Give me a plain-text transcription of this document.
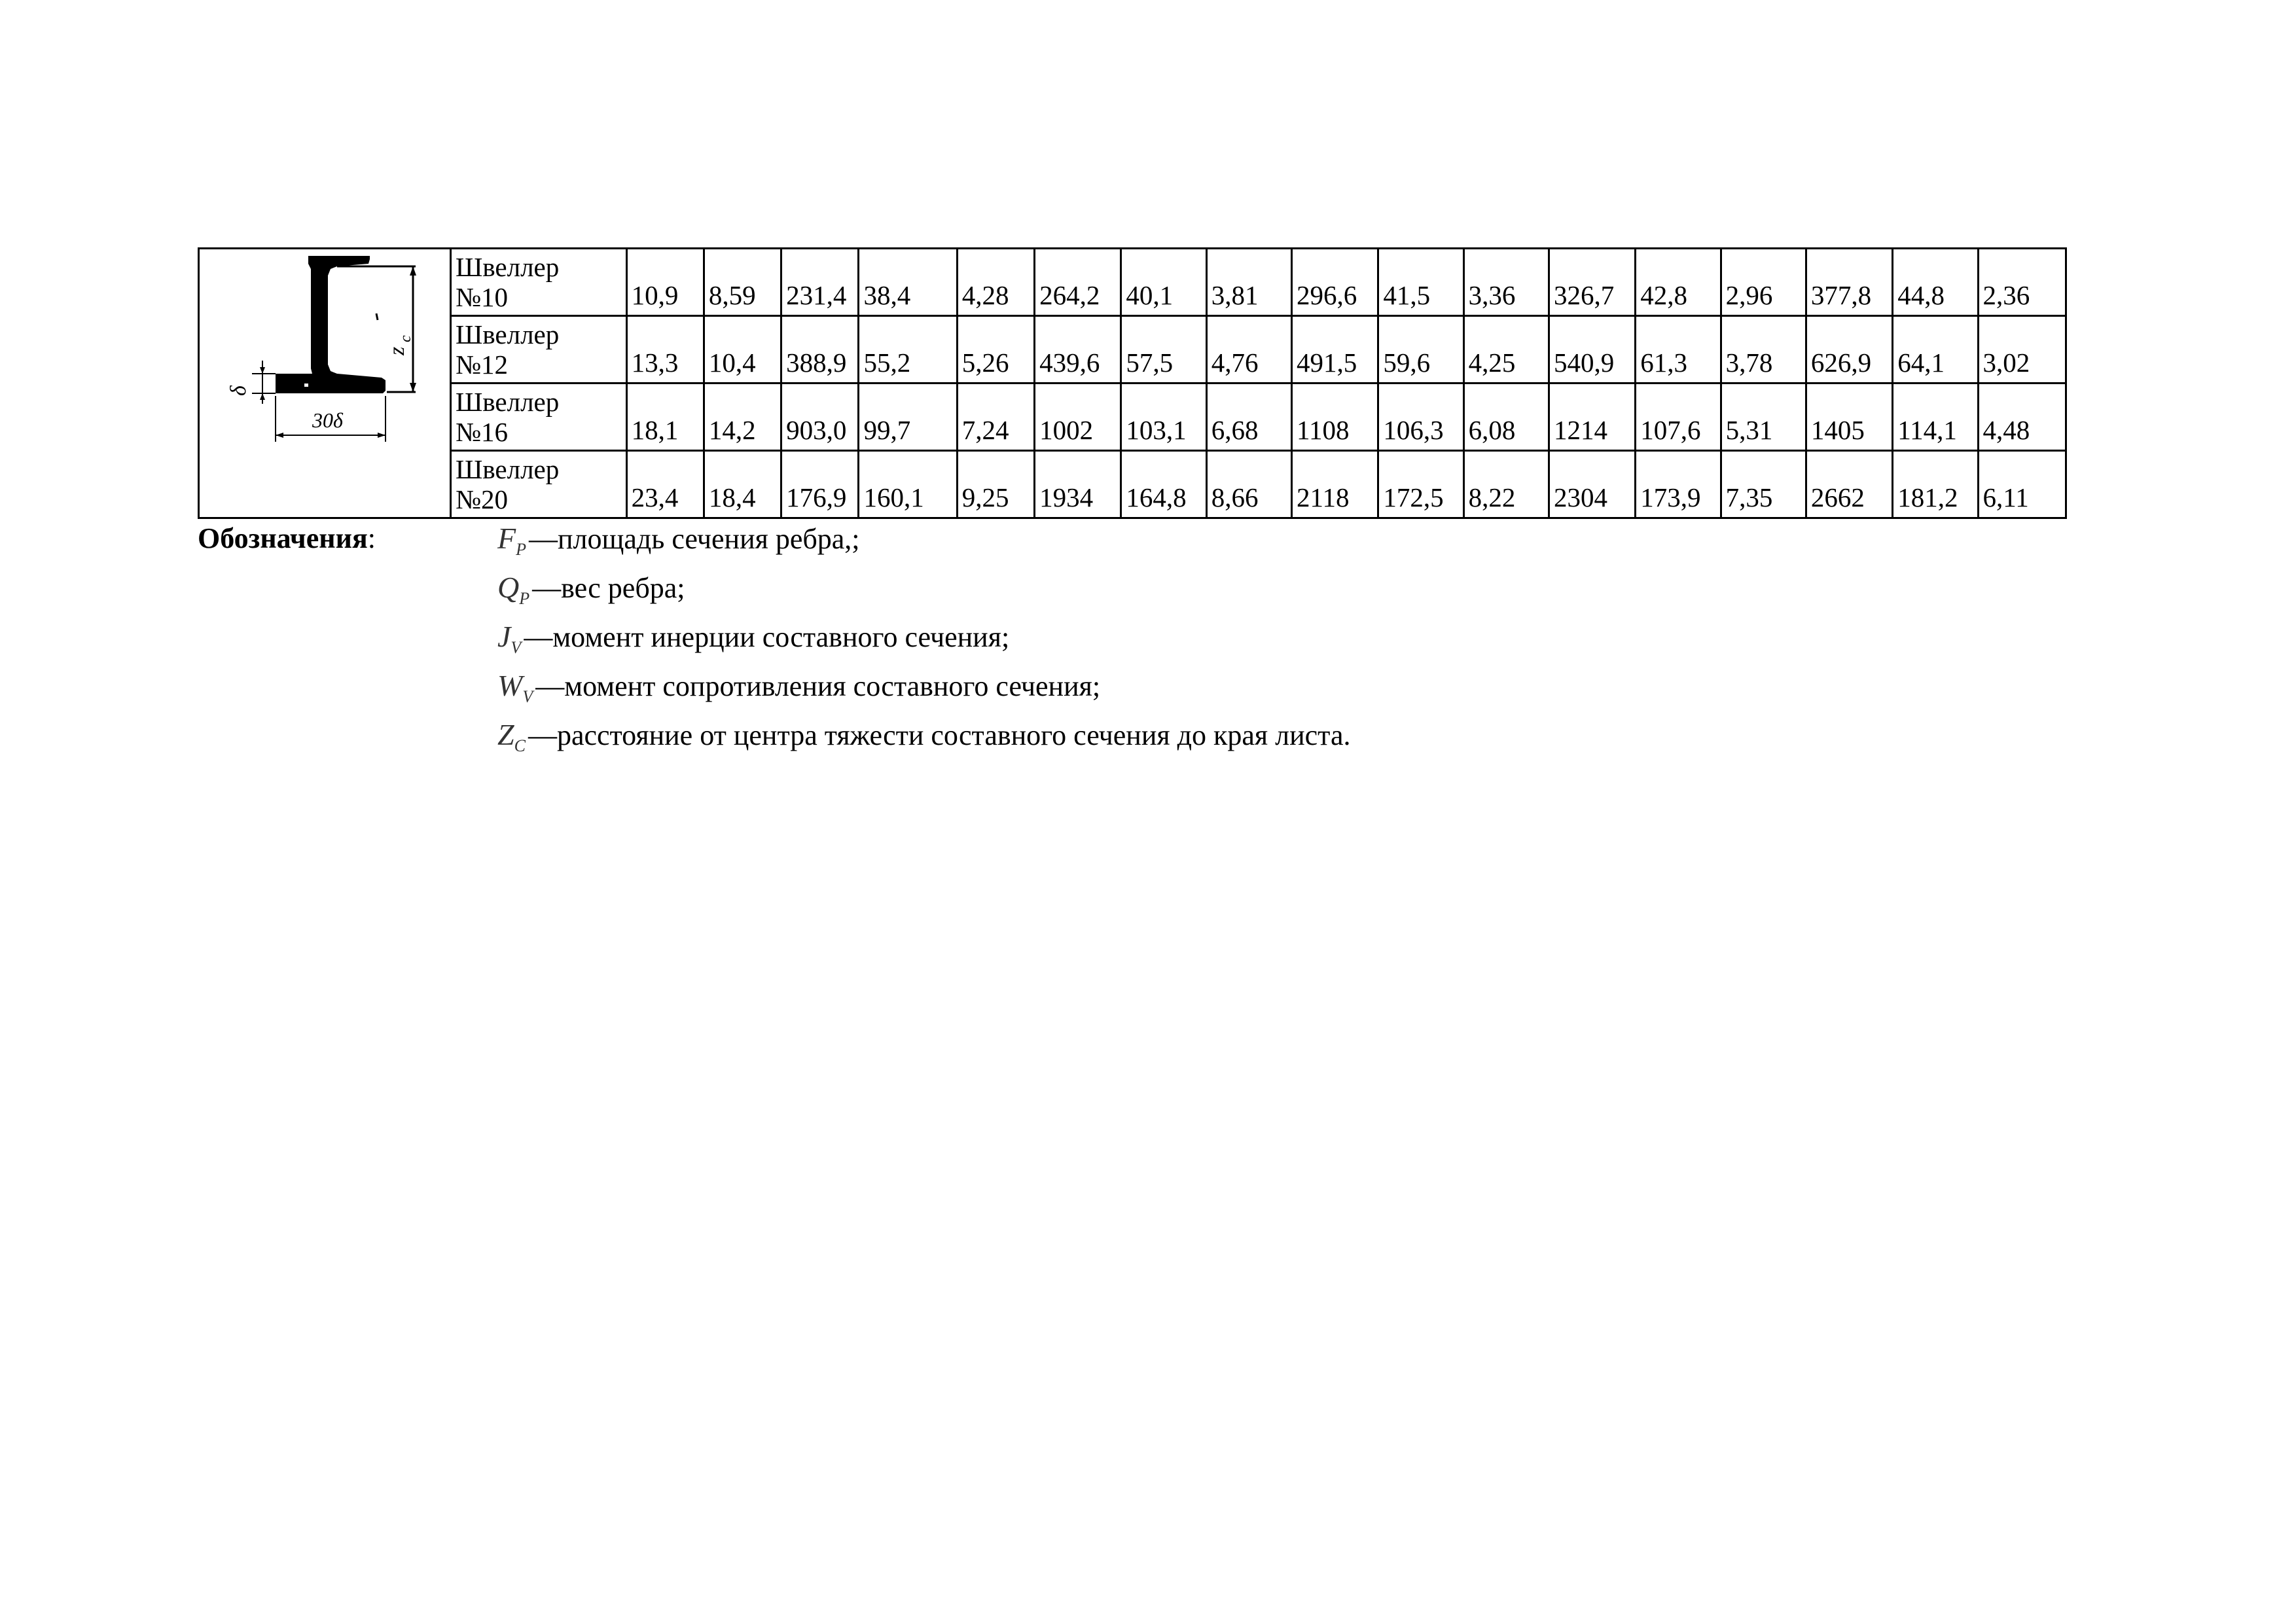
z
c
δ
30δ	Швеллер
№10	10,9	8,59	231,4	38,4	4,28	264,2	40,1	3,81	296,6	41,5	3,36	326,7	42,8	2,96	377,8	44,8	2,36

	Швеллер
№12	13,3	10,4	388,9	55,2	5,26	439,6	57,5	4,76	491,5	59,6	4,25	540,9	61,3	3,78	626,9	64,1	3,02

	Швеллер
№16	18,1	14,2	903,0	99,7	7,24	1002	103,1	6,68	1108	106,3	6,08	1214	107,6	5,31	1405	114,1	4,48

	Швеллер
№20	23,4	18,4	176,9	160,1	9,25	1934	164,8	8,66	2118	172,5	8,22	2304	173,9	7,35	2662	181,2	6,11
Обозначения:	$F_P—площадь$ сечения ребра,;
$Q_P—вес$ ребра;
$J_V—момент$ инерции составного сечения;
$W_V—момент$ сопротивления составного сечения;
$Z_C—расстояние$ от центра тяжести составного сечения до края листа.
